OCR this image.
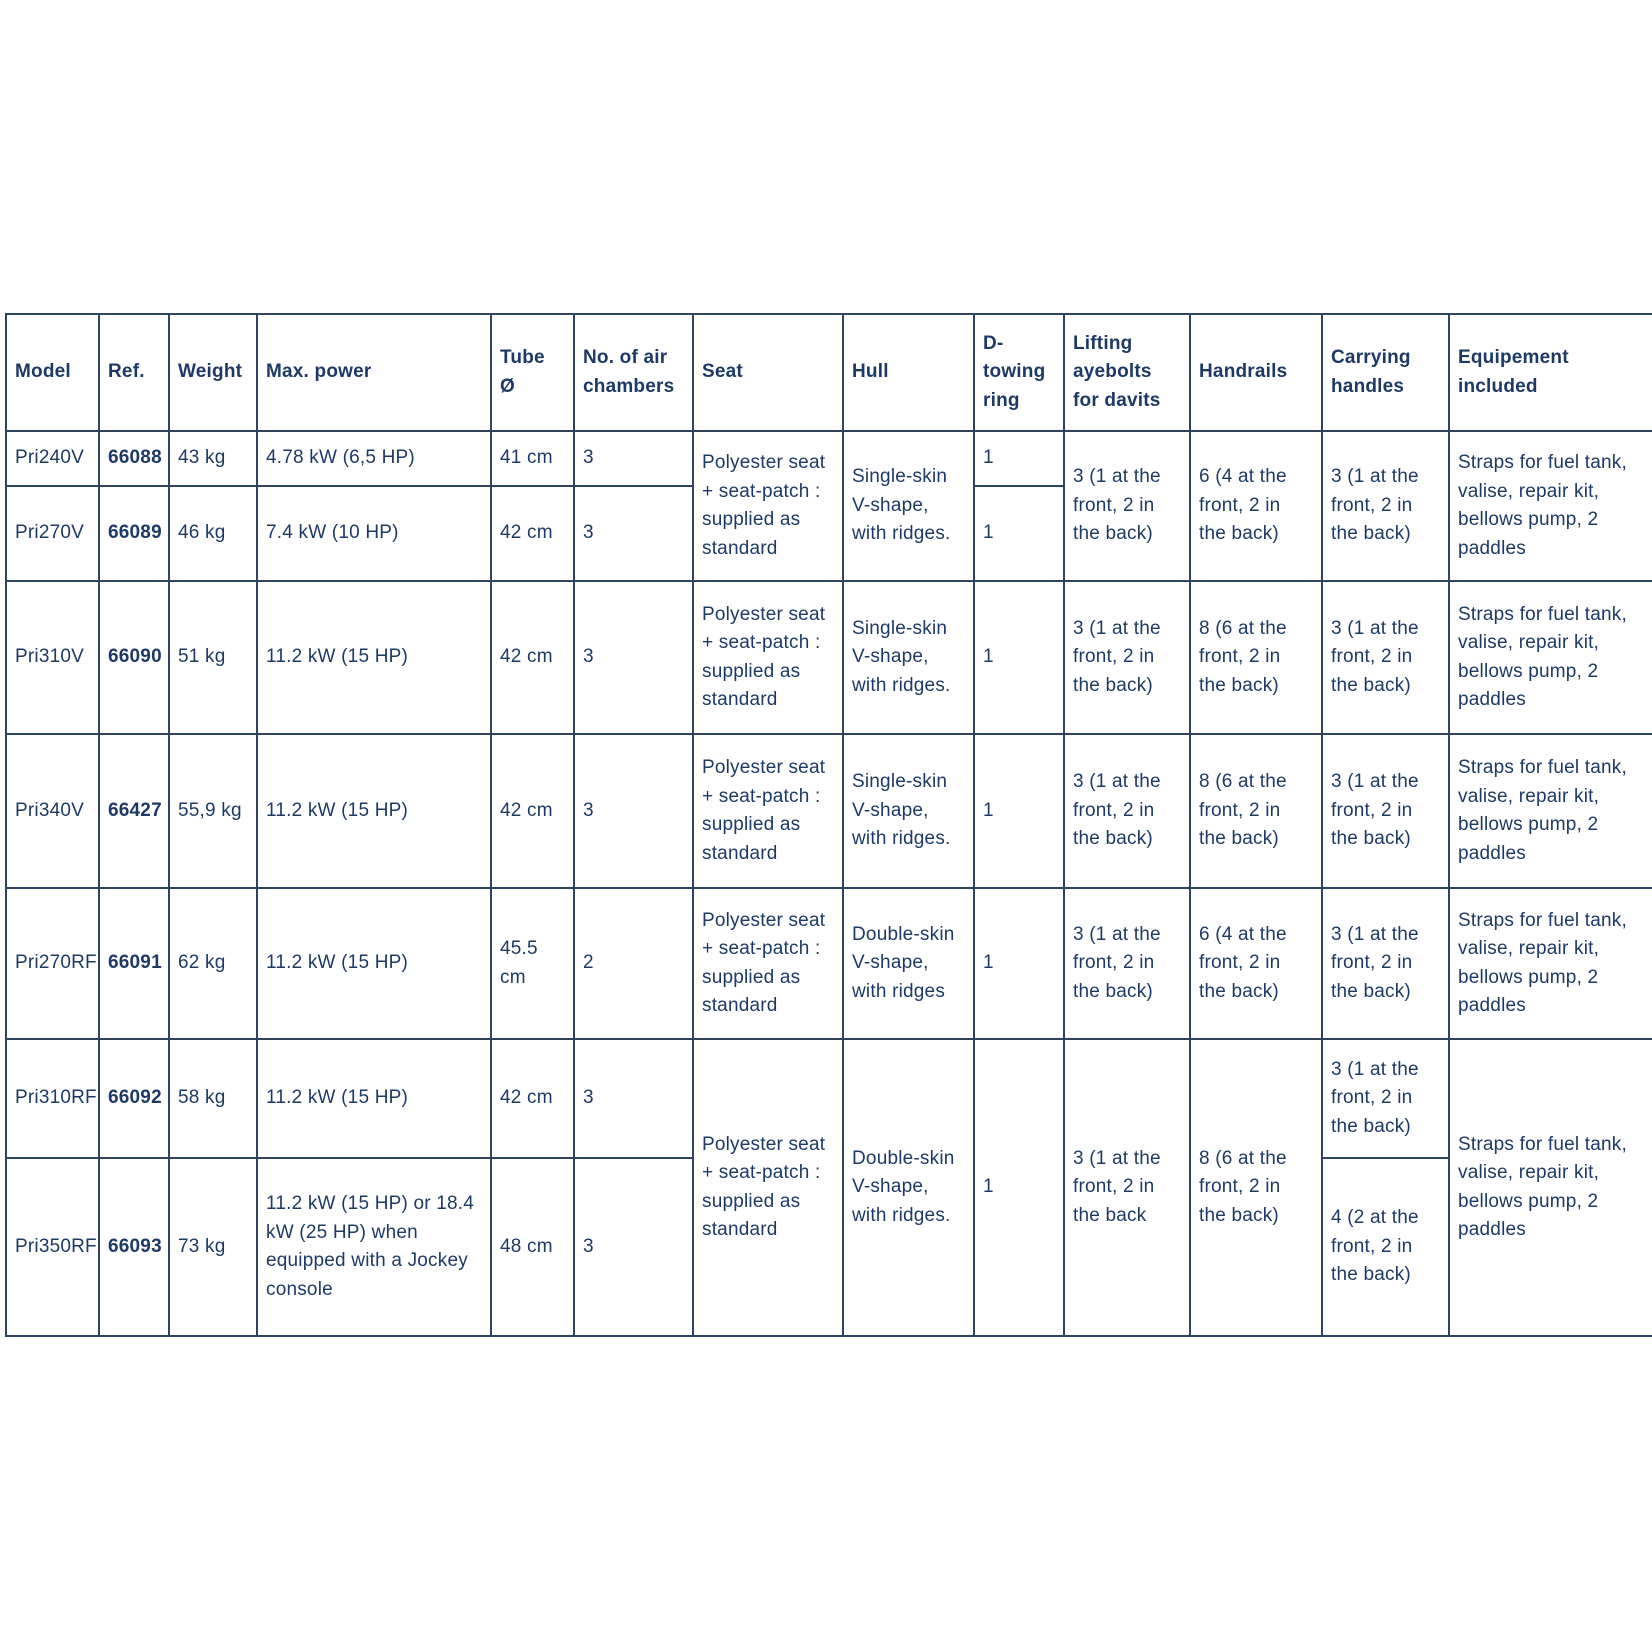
Model	Ref.	Weight	Max. power	Tube Ø	No. of air chambers	Seat	Hull	D-towing ring	Lifting ayebolts for davits	Handrails	Carrying handles	Equipement included
Pri240V	66088	43 kg	4.78 kW (6,5 HP)	41 cm	3	Polyester seat + seat-patch : supplied as standard	Single-skin V-shape, with ridges.	1	3 (1 at the front, 2 in the back)	6 (4 at the front, 2 in the back)	3 (1 at the front, 2 in the back)	Straps for fuel tank, valise, repair kit, bellows pump, 2 paddles
Pri270V	66089	46 kg	7.4 kW (10 HP)	42 cm	3			1				
Pri310V	66090	51 kg	11.2 kW (15 HP)	42 cm	3	Polyester seat + seat-patch : supplied as standard	Single-skin V-shape, with ridges.	1	3 (1 at the front, 2 in the back)	8 (6 at the front, 2 in the back)	3 (1 at the front, 2 in the back)	Straps for fuel tank, valise, repair kit, bellows pump, 2 paddles
Pri340V	66427	55,9 kg	11.2 kW (15 HP)	42 cm	3	Polyester seat + seat-patch : supplied as standard	Single-skin V-shape, with ridges.	1	3 (1 at the front, 2 in the back)	8 (6 at the front, 2 in the back)	3 (1 at the front, 2 in the back)	Straps for fuel tank, valise, repair kit, bellows pump, 2 paddles
Pri270RF	66091	62 kg	11.2 kW (15 HP)	45.5 cm	2	Polyester seat + seat-patch : supplied as standard	Double-skin V-shape, with ridges	1	3 (1 at the front, 2 in the back)	6 (4 at the front, 2 in the back)	3 (1 at the front, 2 in the back)	Straps for fuel tank, valise, repair kit, bellows pump, 2 paddles
Pri310RF	66092	58 kg	11.2 kW (15 HP)	42 cm	3	Polyester seat + seat-patch : supplied as standard	Double-skin V-shape, with ridges.	1	3 (1 at the front, 2 in the back	8 (6 at the front, 2 in the back)	3 (1 at the front, 2 in the back)	Straps for fuel tank, valise, repair kit, bellows pump, 2 paddles
Pri350RF	66093	73 kg	11.2 kW (15 HP) or 18.4 kW (25 HP) when equipped with a Jockey console	48 cm	3						4 (2 at the front, 2 in the back)	
